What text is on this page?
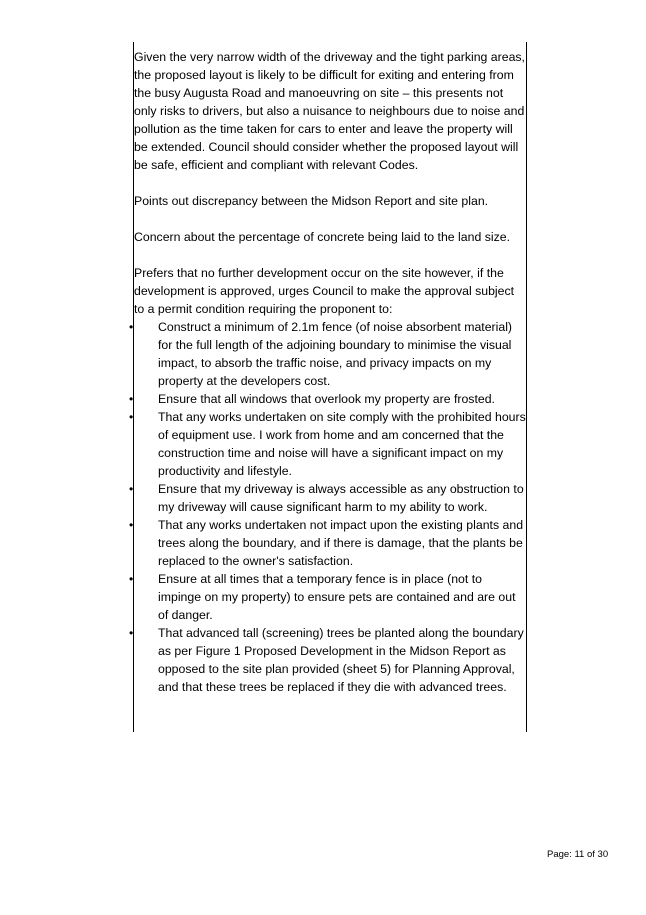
Given the very narrow width of the driveway and the tight parking areas, the proposed layout is likely to be difficult for exiting and entering from the busy Augusta Road and manoeuvring on site – this presents not only risks to drivers, but also a nuisance to neighbours due to noise and pollution as the time taken for cars to enter and leave the property will be extended. Council should consider whether the proposed layout will be safe, efficient and compliant with relevant Codes.

Points out discrepancy between the Midson Report and site plan.

Concern about the percentage of concrete being laid to the land size.

Prefers that no further development occur on the site however, if the development is approved, urges Council to make the approval subject to a permit condition requiring the proponent to:

• Construct a minimum of 2.1m fence (of noise absorbent material) for the full length of the adjoining boundary to minimise the visual impact, to absorb the traffic noise, and privacy impacts on my property at the developers cost.
• Ensure that all windows that overlook my property are frosted.
• That any works undertaken on site comply with the prohibited hours of equipment use. I work from home and am concerned that the construction time and noise will have a significant impact on my productivity and lifestyle.
• Ensure that my driveway is always accessible as any obstruction to my driveway will cause significant harm to my ability to work.
• That any works undertaken not impact upon the existing plants and trees along the boundary, and if there is damage, that the plants be replaced to the owner's satisfaction.
• Ensure at all times that a temporary fence is in place (not to impinge on my property) to ensure pets are contained and are out of danger.
• That advanced tall (screening) trees be planted along the boundary as per Figure 1 Proposed Development in the Midson Report as opposed to the site plan provided (sheet 5) for Planning Approval, and that these trees be replaced if they die with advanced trees.
Page: 11 of 30
